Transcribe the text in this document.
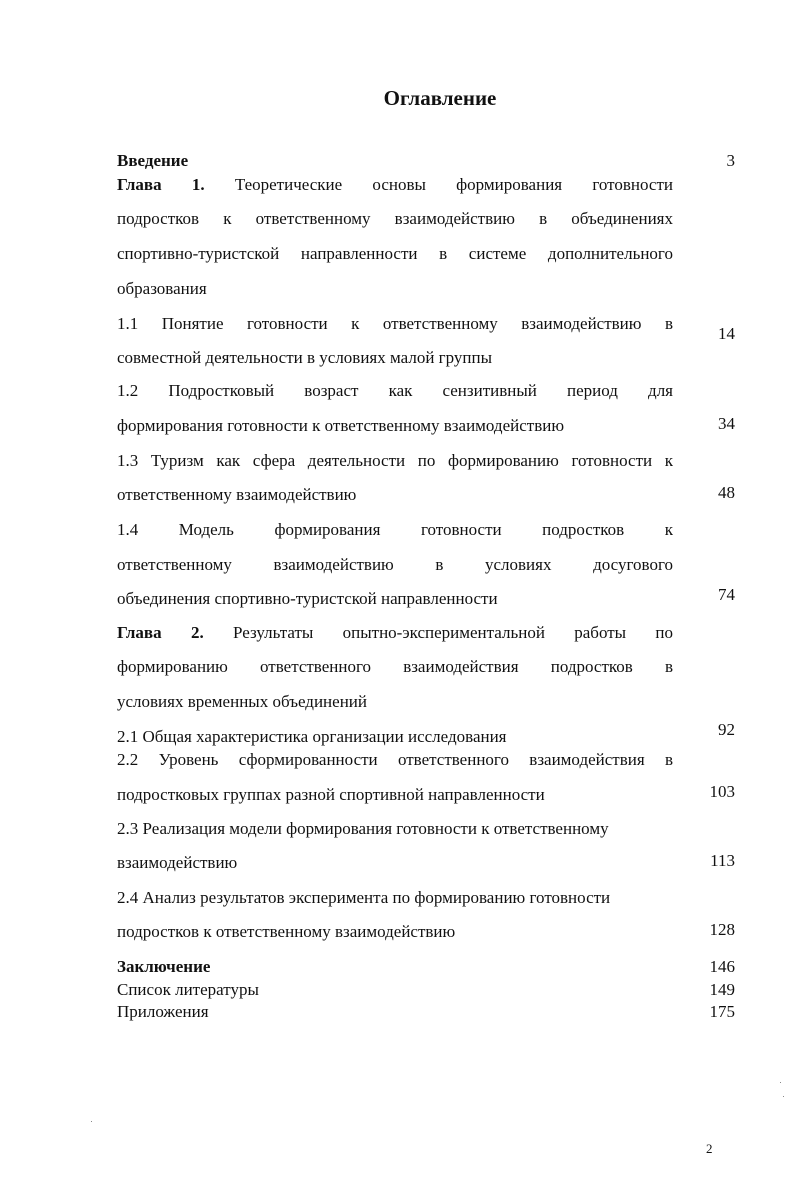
Оглавление
Введение	3
Глава 1. Теоретические основы формирования готовности
подростков к ответственному взаимодействию в объединениях
спортивно-туристской направленности в системе дополнительного
образования
1.1 Понятие готовности к ответственному взаимодействию в
совместной деятельности в условиях малой группы
14
1.2 Подростковый возраст как сензитивный период для
формирования готовности к ответственному взаимодействию	34
1.3 Туризм как сфера деятельности по формированию готовности к
ответственному взаимодействию	48
1.4 Модель формирования готовности подростков к
ответственному взаимодействию в условиях досугового
объединения спортивно-туристской направленности	74
Глава 2. Результаты опытно-экспериментальной работы по
формированию ответственного взаимодействия подростков в
условиях временных объединений
2.1 Общая характеристика организации исследования	92
2.2 Уровень сформированности ответственного взаимодействия в
подростковых группах разной спортивной направленности	103
2.3 Реализация модели формирования готовности к ответственному
взаимодействию	113
2.4 Анализ результатов эксперимента по формированию готовности
подростков к ответственному взаимодействию	128
Заключение	146
Список литературы	149
Приложения	175
2
